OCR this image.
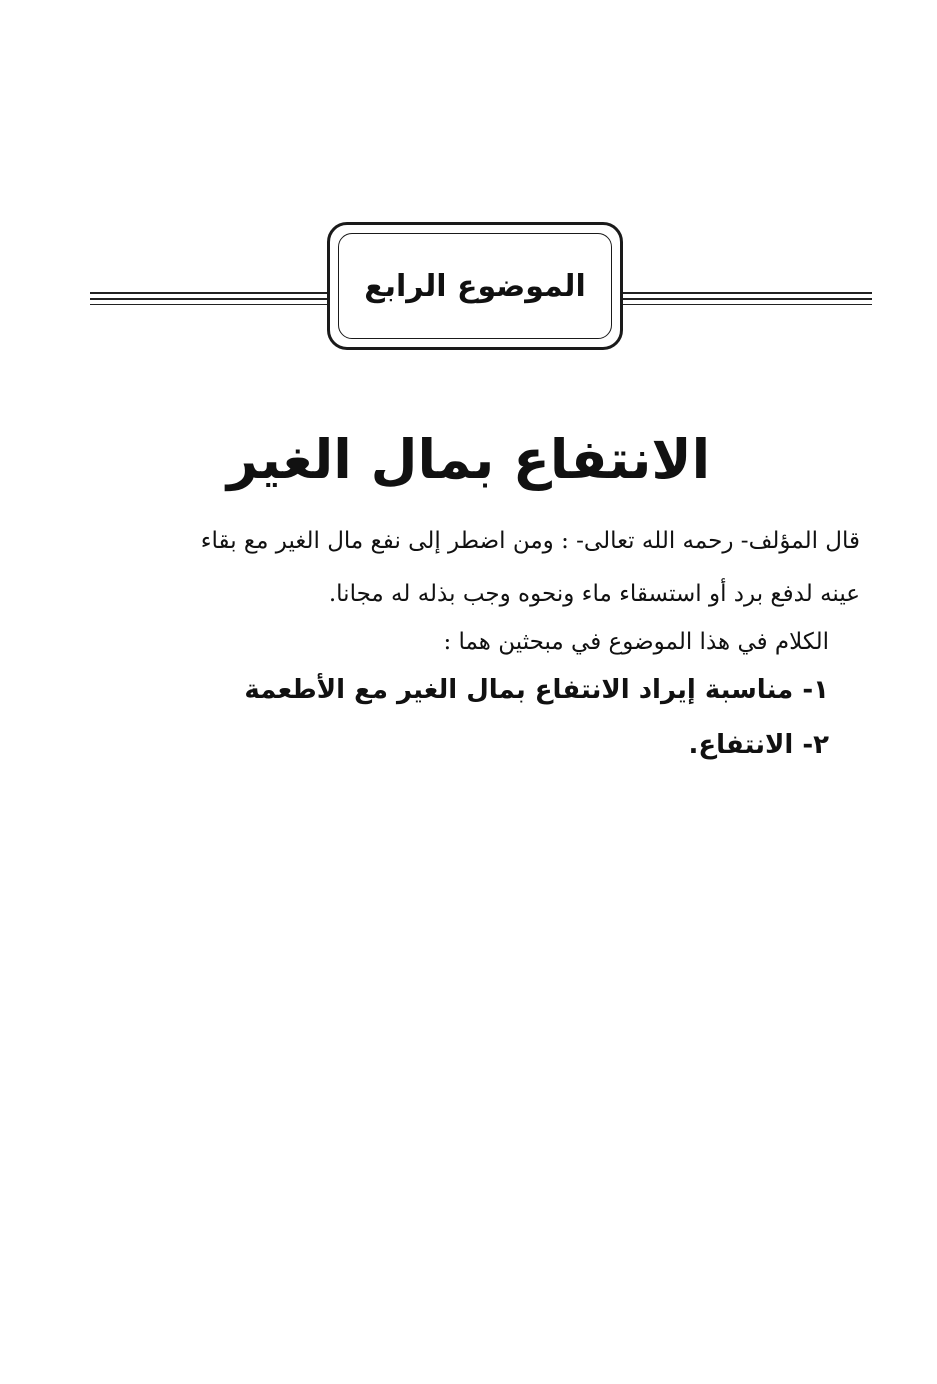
الموضوع الرابع
الانتفاع بمال الغير
قال المؤلف- رحمه الله تعالى- : ومن اضطر إلى نفع مال الغير مع بقاء
عينه لدفع برد أو استسقاء ماء ونحوه وجب بذله له مجانا.
الكلام في هذا الموضوع في مبحثين هما :
١- مناسبة إيراد الانتفاع بمال الغير مع الأطعمة
٢- الانتفاع.
